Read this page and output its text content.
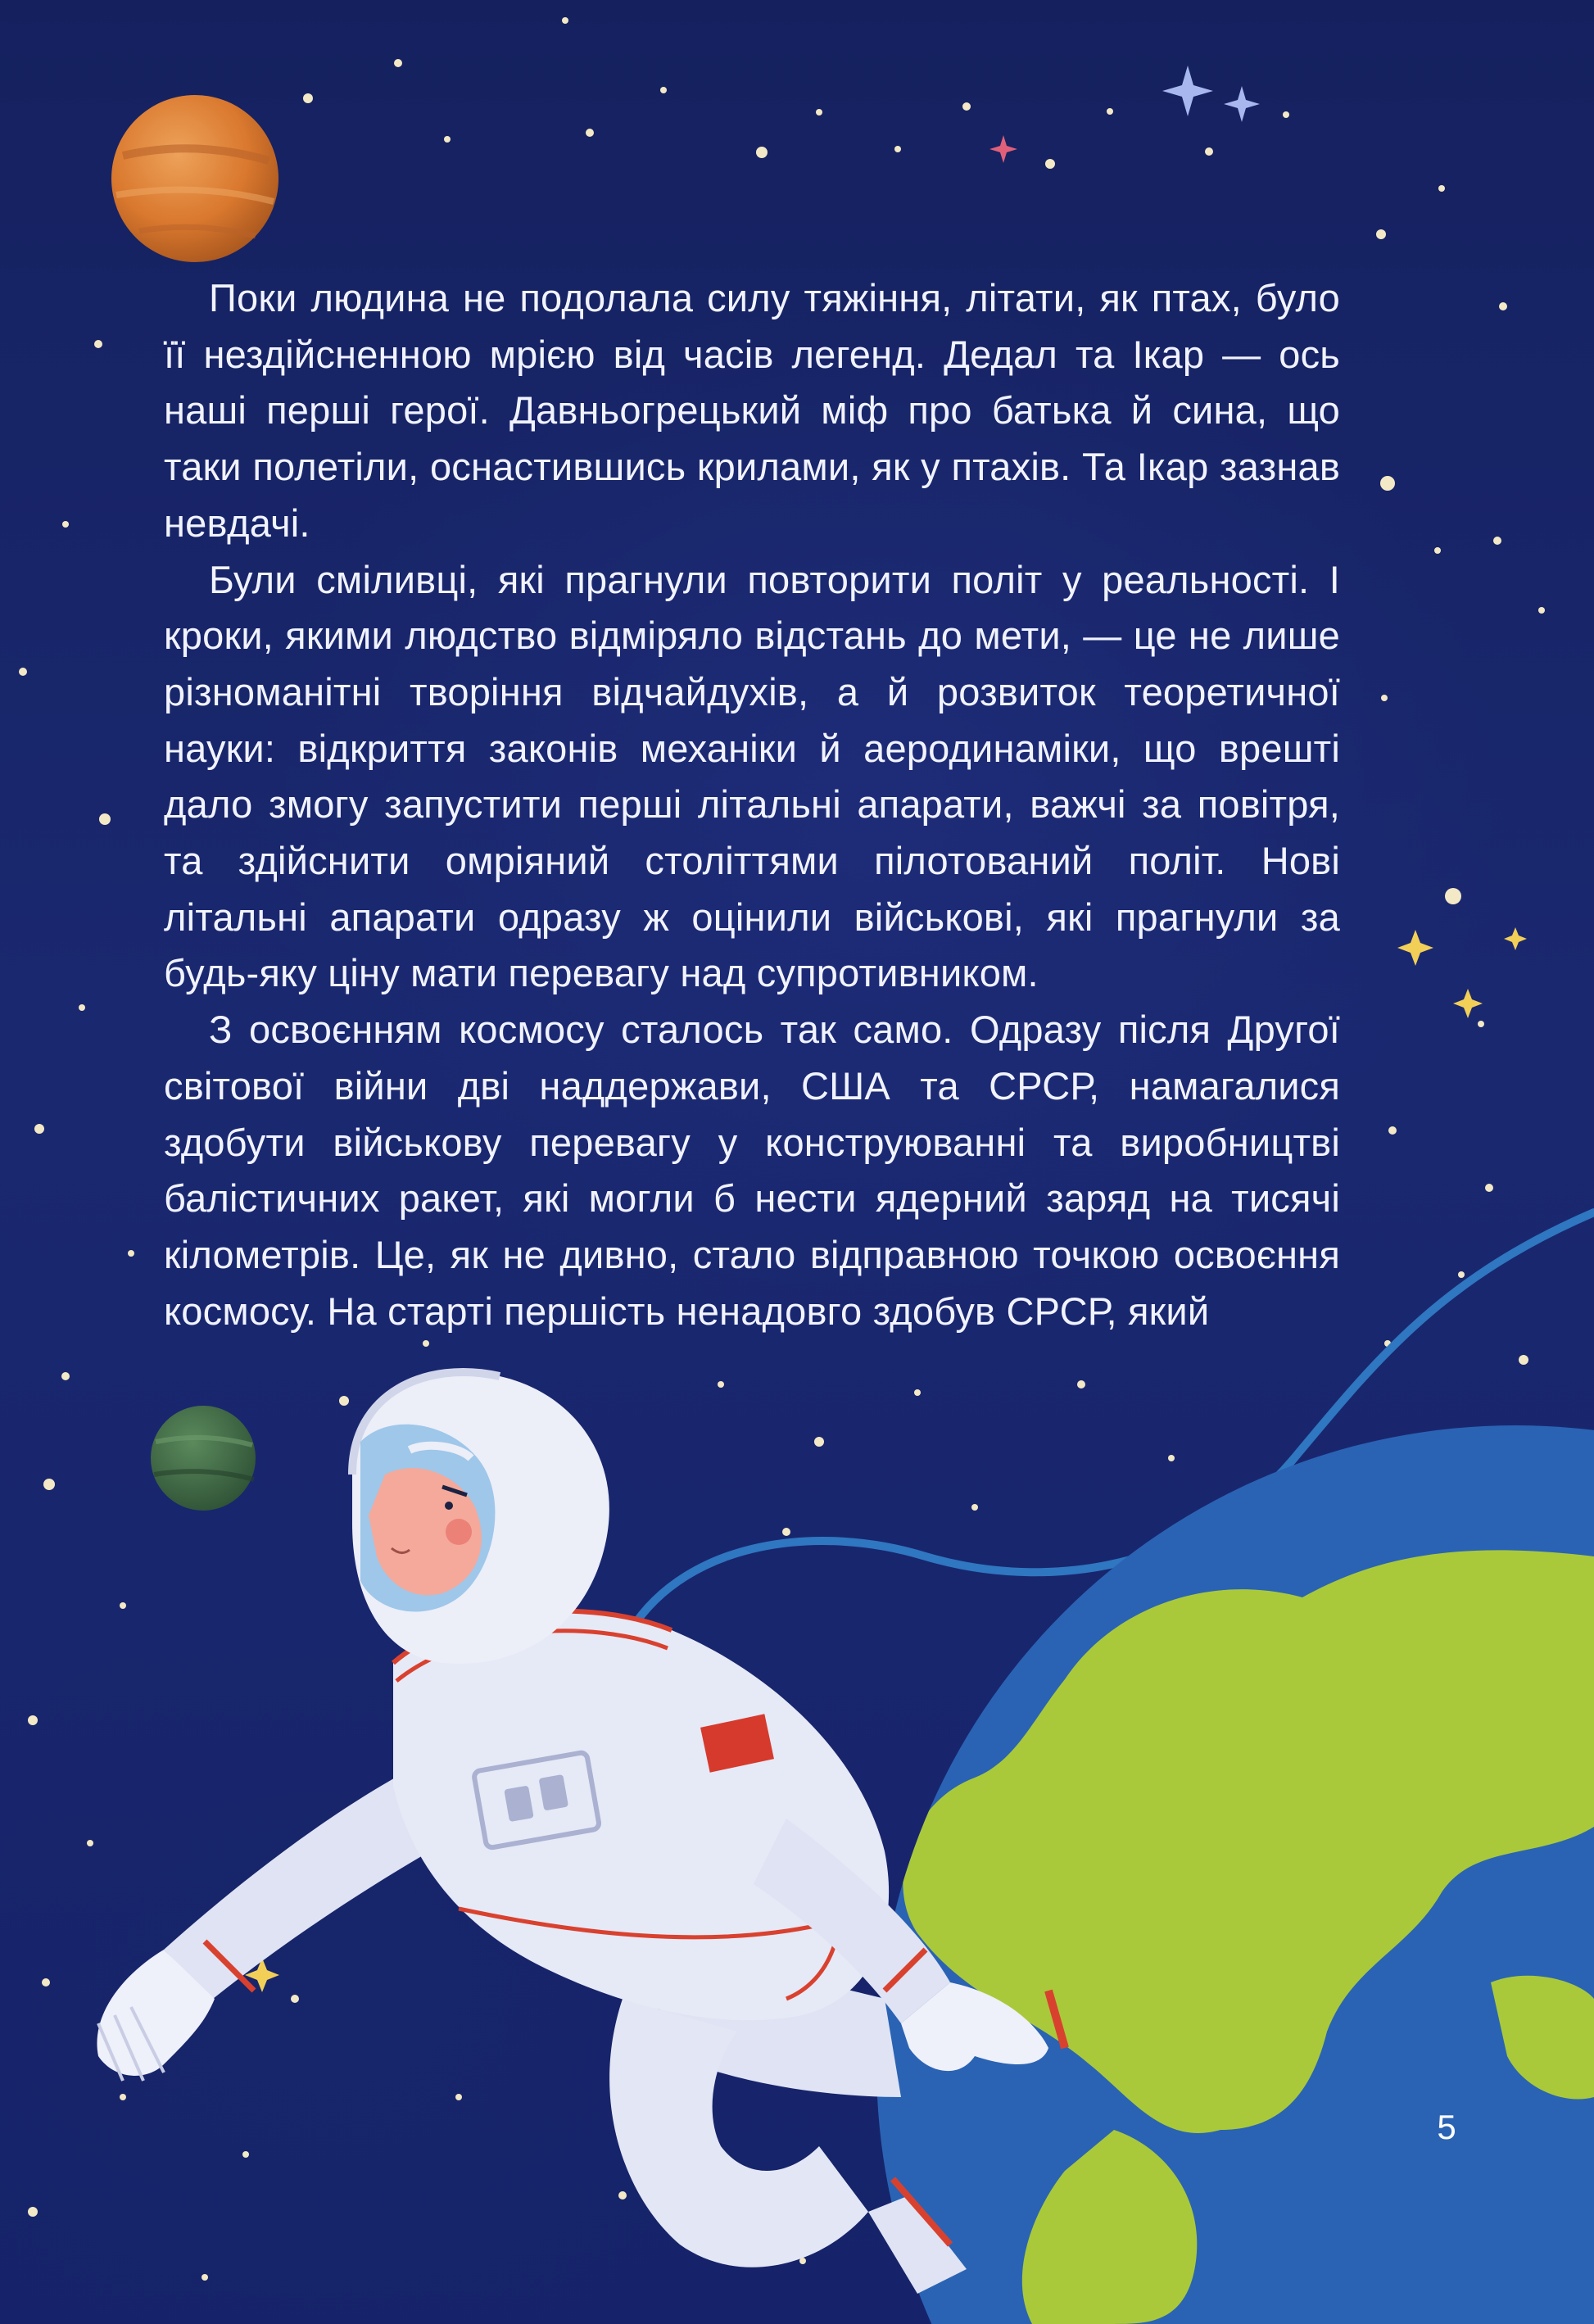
Поки людина не подолала силу тяжіння, літати, як птах, було її нездійсненною мрією від часів легенд. Дедал та Ікар — ось наші перші герої. Давньогрецький міф про батька й сина, що таки полетіли, оснастившись крилами, як у птахів. Та Ікар зазнав невдачі.

Були сміливці, які прагнули повторити політ у реальності. І кроки, якими людство відміряло відстань до мети, — це не лише різноманітні творіння відчайдухів, а й розвиток теоретичної науки: відкриття законів механіки й аеродинаміки, що врешті дало змогу запустити перші літальні апарати, важчі за повітря, та здійснити омріяний століттями пілотований політ. Нові літальні апарати одразу ж оцінили військові, які прагнули за будь-яку ціну мати перевагу над супротивником.

З освоєнням космосу сталось так само. Одразу після Другої світової війни дві наддержави, США та СРСР, намагалися здобути військову перевагу у конструюванні та виробництві балістичних ракет, які могли б нести ядерний заряд на тисячі кілометрів. Це, як не дивно, стало відправною точкою освоєння космосу. На старті першість ненадовго здобув СРСР, який

5
